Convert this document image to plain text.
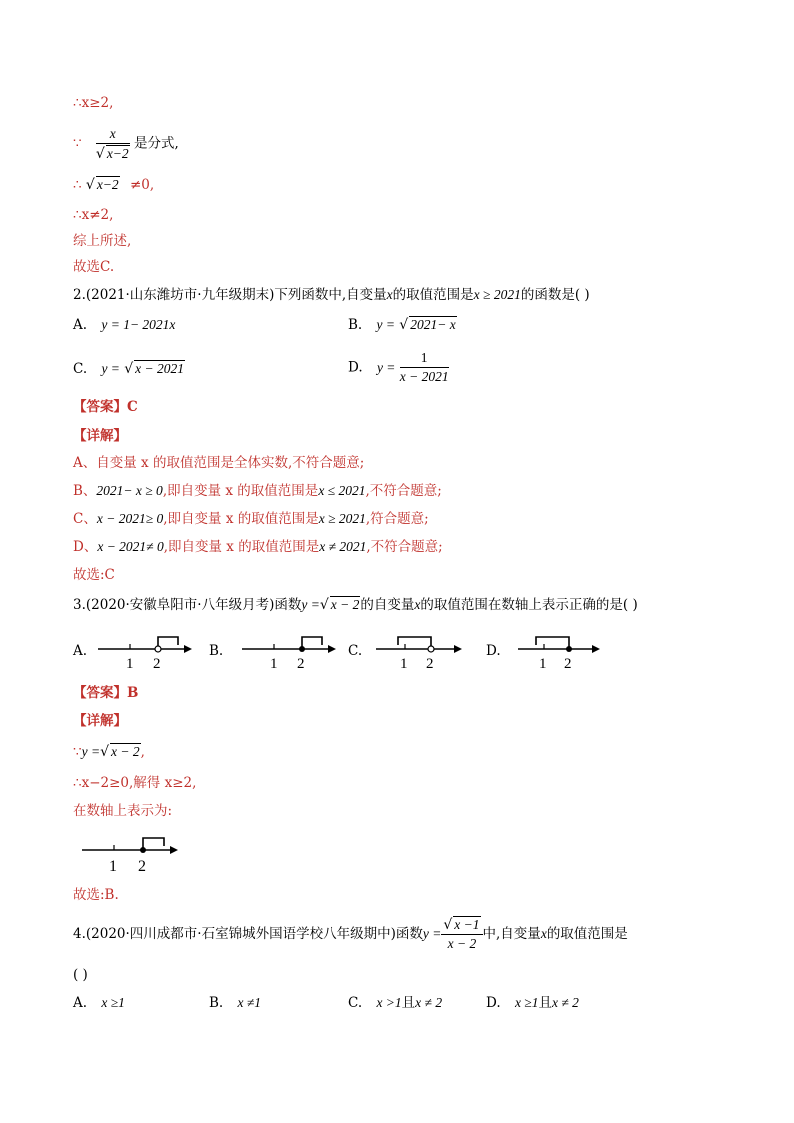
∴x≥2,
∵ $\frac{x}{√ x-2}$ 是分式,
∴ √ x−2 ≠0,
∴x≠2,
综上所述,
故选C.
2.(2021·山东潍坊市·九年级期末)下列函数中,自变量x的取值范围是x ≥ 2021的函数是( )
A. y = 1− 2021x	B. y = √ 2021− x
C. y = √ x − 2021	D. $y = \frac{1}{x - 2021}$
【答案】C
【详解】
A、自变量 x 的取值范围是全体实数,不符合题意;
B、2021− x ≥ 0,即自变量 x 的取值范围是x ≤ 2021,不符合题意;
C、x − 2021≥ 0,即自变量 x 的取值范围是x ≥ 2021,符合题意;
D、x − 2021≠ 0,即自变量 x 的取值范围是x ≠ 2021,不符合题意;
故选:C
3.(2020·安徽阜阳市·八年级月考)函数y =√ x − 2的自变量x的取值范围在数轴上表示正确的是( )
A.
1 2
B.
1 2
C.
1 2
D.
1 2
【答案】B
【详解】
∵y =√ x − 2,
∴x−2≥0,解得 x≥2,
在数轴上表示为:
1 2
故选:B.
4.(2020·四川成都市·石室锦城外国语学校八年级期中)函数$y = \frac{√ x -1}{x - 2}$ 中,自变量x的取值范围是
( )
A. x ≥1	B. x ≠1	C. x >1且x ≠ 2	D. x ≥1且x ≠ 2
